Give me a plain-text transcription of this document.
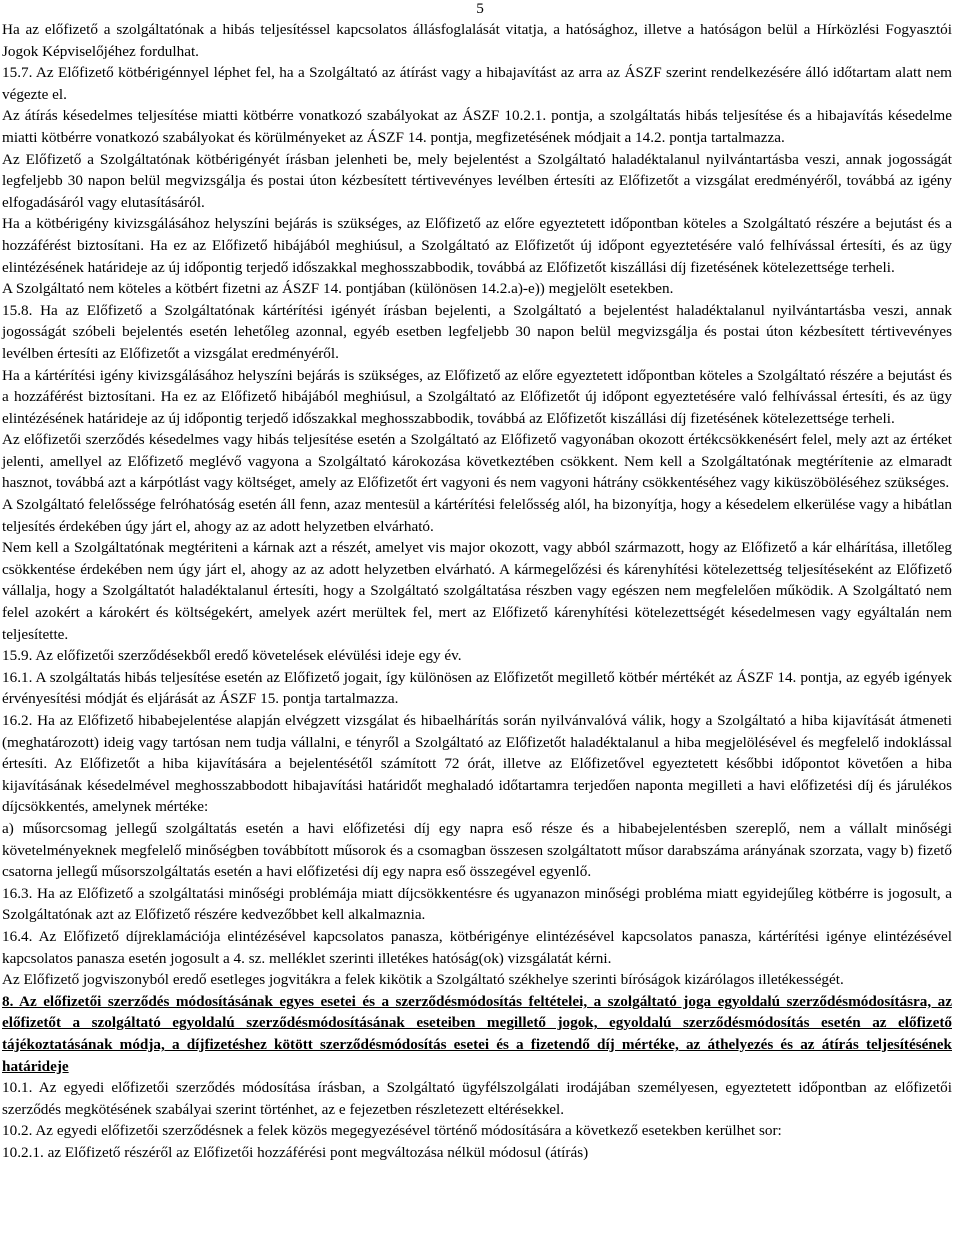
5

Ha az előfizető a szolgáltatónak a hibás teljesítéssel kapcsolatos állásfoglalását vitatja, a hatósághoz, illetve a hatóságon belül a Hírközlési Fogyasztói Jogok Képviselőjéhez fordulhat.

15.7. Az Előfizető kötbérigénnyel léphet fel, ha a Szolgáltató az átírást vagy a hibajavítást az arra az ÁSZF szerint rendelkezésére álló időtartam alatt nem végezte el.

Az átírás késedelmes teljesítése miatti kötbérre vonatkozó szabályokat az ÁSZF 10.2.1. pontja, a szolgáltatás hibás teljesítése és a hibajavítás késedelme miatti kötbérre vonatkozó szabályokat és körülményeket az ÁSZF 14. pontja, megfizetésének módjait a 14.2. pontja tartalmazza.

Az Előfizető a Szolgáltatónak kötbérigényét írásban jelenheti be, mely bejelentést a Szolgáltató haladéktalanul nyilvántartásba veszi, annak jogosságát legfeljebb 30 napon belül megvizsgálja és postai úton kézbesített tértivevényes levélben értesíti az Előfizetőt a vizsgálat eredményéről, továbbá az igény elfogadásáról vagy elutasításáról.

Ha a kötbérigény kivizsgálásához helyszíni bejárás is szükséges, az Előfizető az előre egyeztetett időpontban köteles a Szolgáltató részére a bejutást és a hozzáférést biztosítani. Ha ez az Előfizető hibájából meghiúsul, a Szolgáltató az Előfizetőt új időpont egyeztetésére való felhívással értesíti, és az ügy elintézésének határideje az új időpontig terjedő időszakkal meghosszabbodik, továbbá az Előfizetőt kiszállási díj fizetésének kötelezettsége terheli.

A Szolgáltató nem köteles a kötbért fizetni az ÁSZF 14. pontjában (különösen 14.2.a)-e)) megjelölt esetekben.

15.8. Ha az Előfizető a Szolgáltatónak kártérítési igényét írásban bejelenti, a Szolgáltató a bejelentést haladéktalanul nyilvántartásba veszi, annak jogosságát szóbeli bejelentés esetén lehetőleg azonnal, egyéb esetben legfeljebb 30 napon belül megvizsgálja és postai úton kézbesített tértivevényes levélben értesíti az Előfizetőt a vizsgálat eredményéről.

Ha a kártérítési igény kivizsgálásához helyszíni bejárás is szükséges, az Előfizető az előre egyeztetett időpontban köteles a Szolgáltató részére a bejutást és a hozzáférést biztosítani. Ha ez az Előfizető hibájából meghiúsul, a Szolgáltató az Előfizetőt új időpont egyeztetésére való felhívással értesíti, és az ügy elintézésének határideje az új időpontig terjedő időszakkal meghosszabbodik, továbbá az Előfizetőt kiszállási díj fizetésének kötelezettsége terheli.

Az előfizetői szerződés késedelmes vagy hibás teljesítése esetén a Szolgáltató az Előfizető vagyonában okozott értékcsökkenésért felel, mely azt az értéket jelenti, amellyel az Előfizető meglévő vagyona a Szolgáltató károkozása következtében csökkent. Nem kell a Szolgáltatónak megtérítenie az elmaradt hasznot, továbbá azt a kárpótlást vagy költséget, amely az Előfizetőt ért vagyoni és nem vagyoni hátrány csökkentéséhez vagy kiküszöböléséhez szükséges.

A Szolgáltató felelőssége felróhatóság esetén áll fenn, azaz mentesül a kártérítési felelősség alól, ha bizonyítja, hogy a késedelem elkerülése vagy a hibátlan teljesítés érdekében úgy járt el, ahogy az az adott helyzetben elvárható.

Nem kell a Szolgáltatónak megtériteni a kárnak azt a részét, amelyet vis major okozott, vagy abból származott, hogy az Előfizető a kár elhárítása, illetőleg csökkentése érdekében nem úgy járt el, ahogy az az adott helyzetben elvárható. A kármegelőzési és kárenyhítési kötelezettség teljesítéseként az Előfizető vállalja, hogy a Szolgáltatót haladéktalanul értesíti, hogy a Szolgáltató szolgáltatása részben vagy egészen nem megfelelően működik. A Szolgáltató nem felel azokért a károkért és költségekért, amelyek azért merültek fel, mert az Előfizető kárenyhítési kötelezettségét késedelmesen vagy egyáltalán nem teljesítette.

15.9. Az előfizetői szerződésekből eredő követelések elévülési ideje egy év.

16.1. A szolgáltatás hibás teljesítése esetén az Előfizető jogait, így különösen az Előfizetőt megillető kötbér mértékét az ÁSZF 14. pontja, az egyéb igények érvényesítési módját és eljárását az ÁSZF 15. pontja tartalmazza.

16.2. Ha az Előfizető hibabejelentése alapján elvégzett vizsgálat és hibaelhárítás során nyilvánvalóvá válik, hogy a Szolgáltató a hiba kijavítását átmeneti (meghatározott) ideig vagy tartósan nem tudja vállalni, e tényről a Szolgáltató az Előfizetőt haladéktalanul a hiba megjelölésével és megfelelő indoklással értesíti. Az Előfizetőt a hiba kijavítására a bejelentésétől számított 72 órát, illetve az Előfizetővel egyeztetett későbbi időpontot követően a hiba kijavításának késedelmével meghosszabbodott hibajavítási határidőt meghaladó időtartamra terjedően naponta megilleti a havi előfizetési díj és járulékos díjcsökkentés, amelynek mértéke:

a) műsorcsomag jellegű szolgáltatás esetén a havi előfizetési díj egy napra eső része és a hibabejelentésben szereplő, nem a vállalt minőségi követelményeknek megfelelő minőségben továbbított műsorok és a csomagban összesen szolgáltatott műsor darabszáma arányának szorzata, vagy b) fizető csatorna jellegű műsorszolgáltatás esetén a havi előfizetési díj egy napra eső összegével egyenlő.

16.3. Ha az Előfizető a szolgáltatási minőségi problémája miatt díjcsökkentésre és ugyanazon minőségi probléma miatt egyidejűleg kötbérre is jogosult, a Szolgáltatónak azt az Előfizető részére kedvezőbbet kell alkalmaznia.

16.4. Az Előfizető díjreklamációja elintézésével kapcsolatos panasza, kötbérigénye elintézésével kapcsolatos panasza, kártérítési igénye elintézésével kapcsolatos panasza esetén jogosult a 4. sz. melléklet szerinti illetékes hatóság(ok) vizsgálatát kérni.

Az Előfizető jogviszonyból eredő esetleges jogvitákra a felek kikötik a Szolgáltató székhelye szerinti bíróságok kizárólagos illetékességét.

8. Az előfizetői szerződés módosításának egyes esetei és a szerződésmódosítás feltételei, a szolgáltató joga egyoldalú szerződésmódosításra, az előfizetőt a szolgáltató egyoldalú szerződésmódosításának eseteiben megillető jogok, egyoldalú szerződésmódosítás esetén az előfizető tájékoztatásának módja, a díjfizetéshez kötött szerződésmódosítás esetei és a fizetendő díj mértéke, az áthelyezés és az átírás teljesítésének határideje

10.1. Az egyedi előfizetői szerződés módosítása írásban, a Szolgáltató ügyfélszolgálati irodájában személyesen, egyeztetett időpontban az előfizetői szerződés megkötésének szabályai szerint történhet, az e fejezetben részletezett eltérésekkel.

10.2. Az egyedi előfizetői szerződésnek a felek közös megegyezésével történő módosítására a következő esetekben kerülhet sor:

10.2.1. az Előfizető részéről az Előfizetői hozzáférési pont megváltozása nélkül módosul (átírás)
